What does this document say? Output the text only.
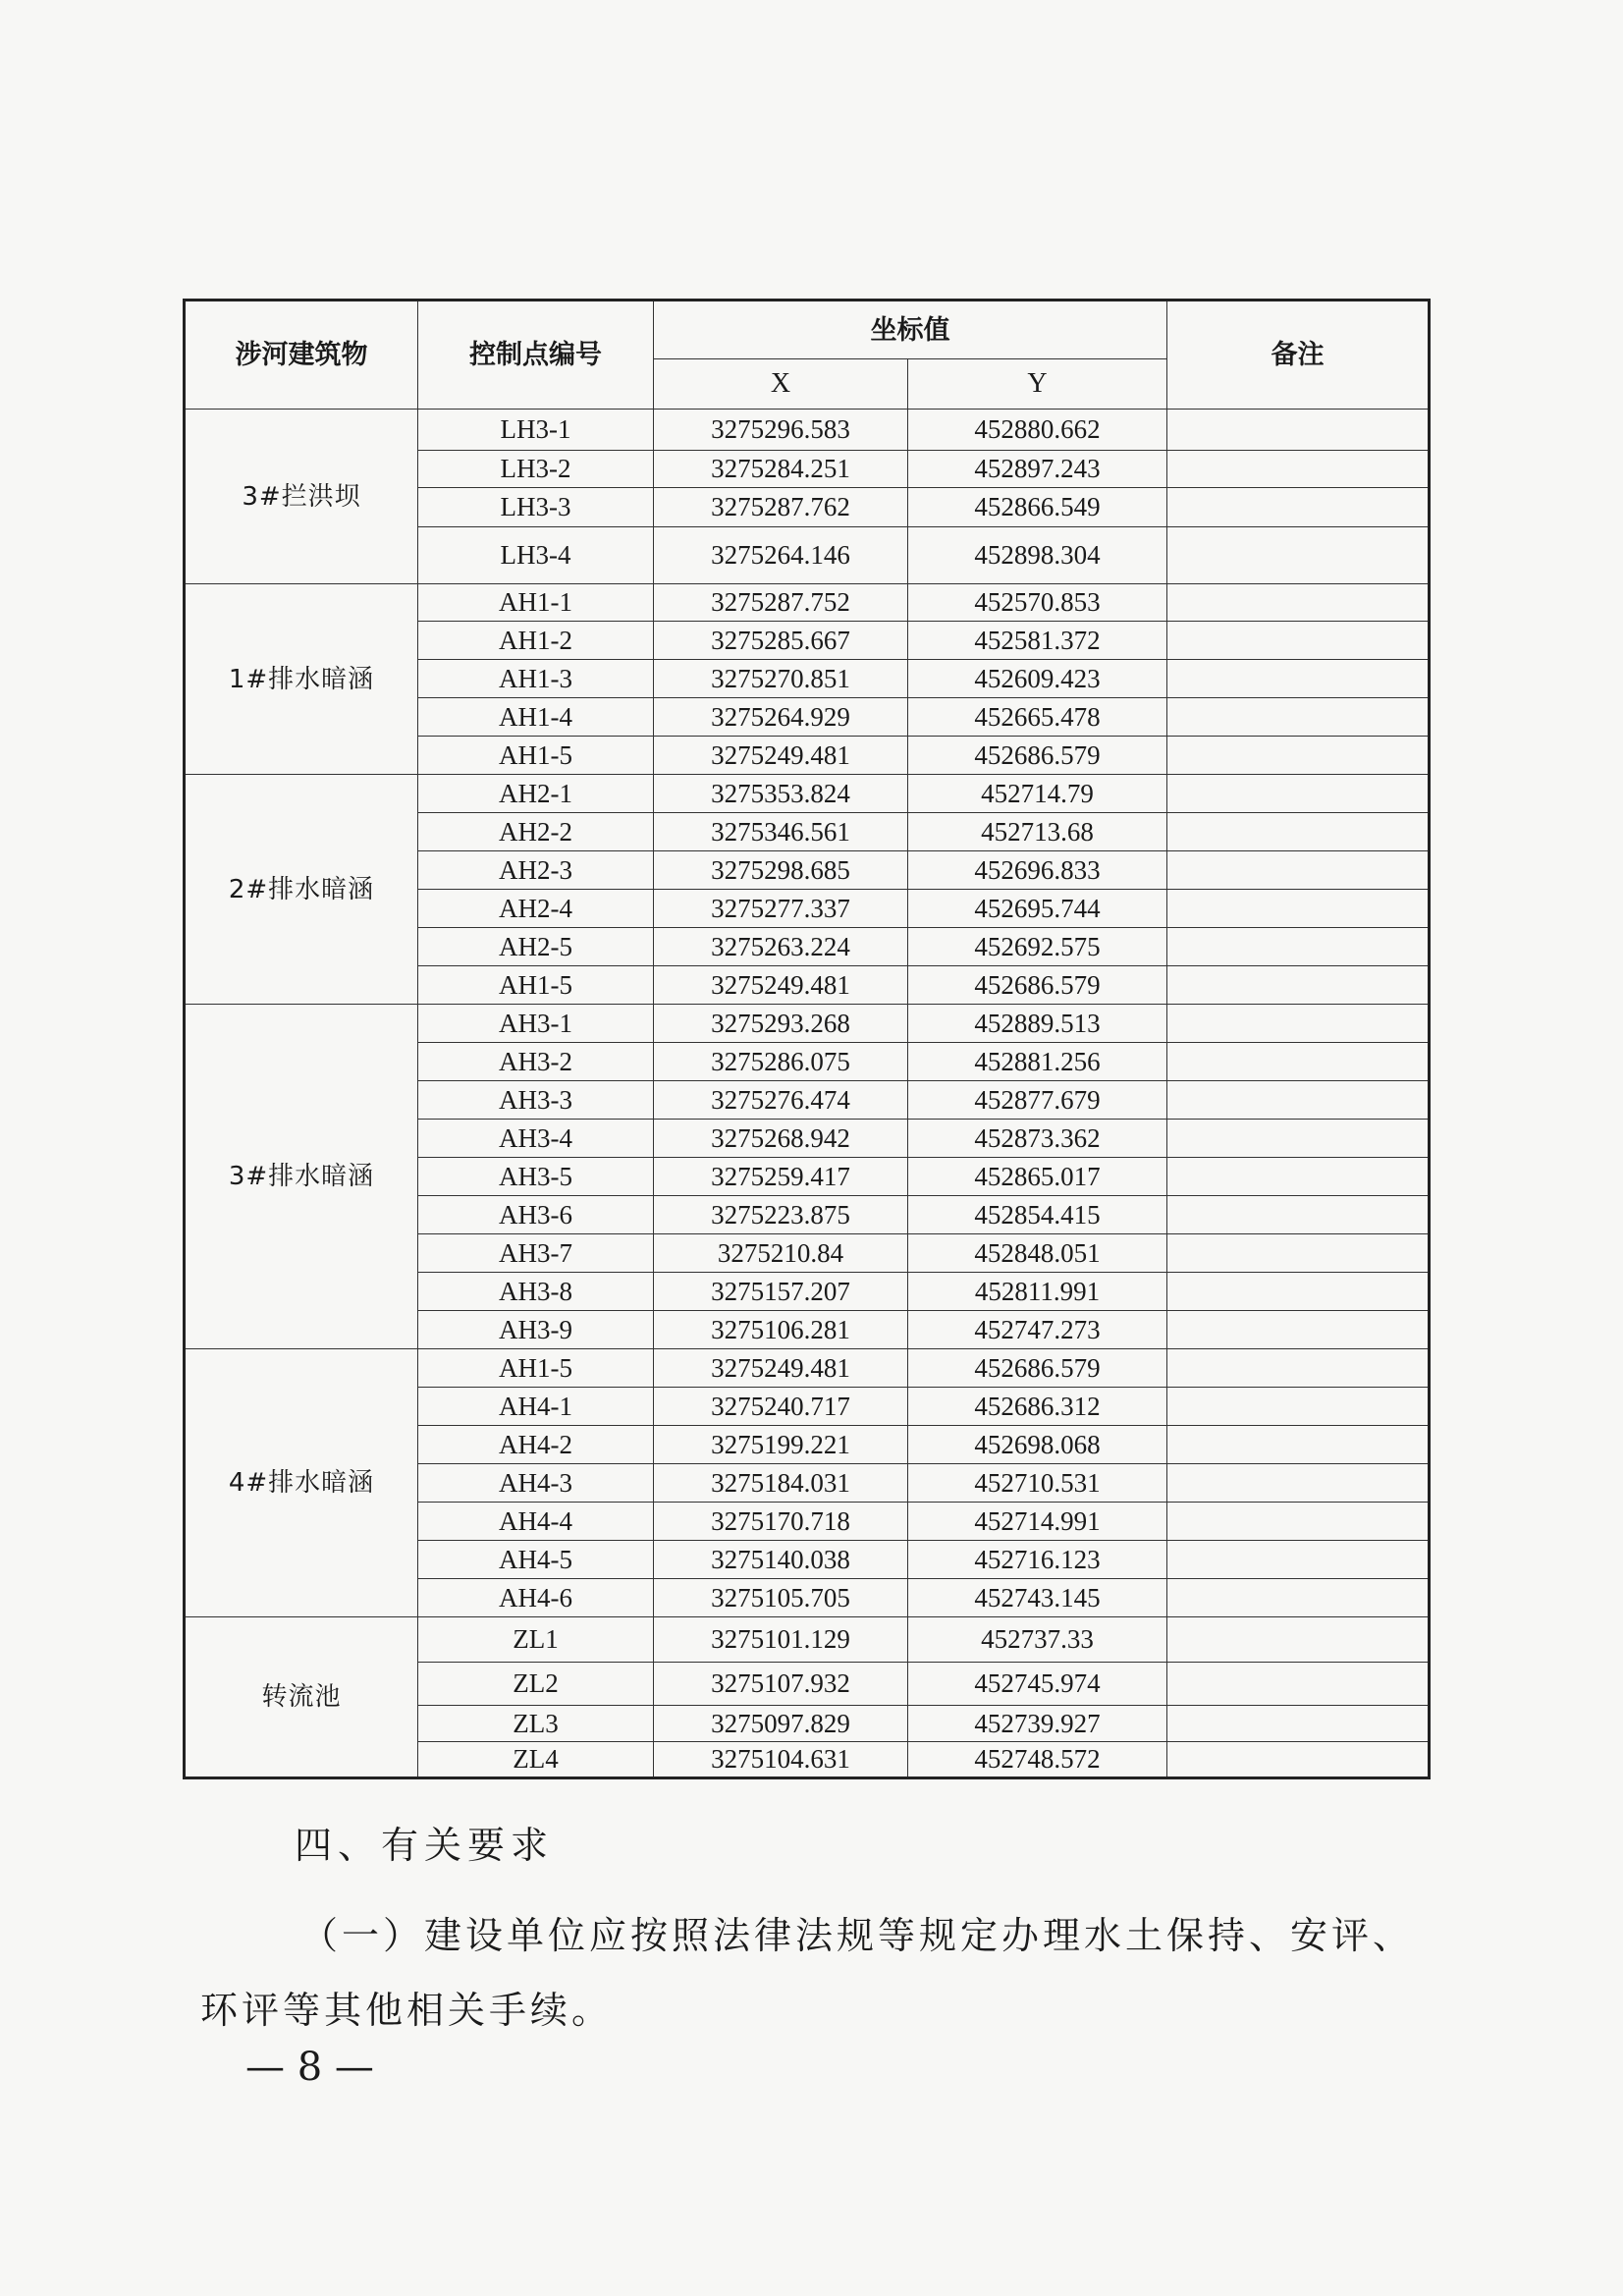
涉河建筑物	控制点编号	坐标值		备注
		X	Y	
3#拦洪坝	LH3-1	3275296.583	452880.662	
	LH3-2	3275284.251	452897.243	
	LH3-3	3275287.762	452866.549	
	LH3-4	3275264.146	452898.304	
1#排水暗涵	AH1-1	3275287.752	452570.853	
	AH1-2	3275285.667	452581.372	
	AH1-3	3275270.851	452609.423	
	AH1-4	3275264.929	452665.478	
	AH1-5	3275249.481	452686.579	
2#排水暗涵	AH2-1	3275353.824	452714.79	
	AH2-2	3275346.561	452713.68	
	AH2-3	3275298.685	452696.833	
	AH2-4	3275277.337	452695.744	
	AH2-5	3275263.224	452692.575	
	AH1-5	3275249.481	452686.579	
3#排水暗涵	AH3-1	3275293.268	452889.513	
	AH3-2	3275286.075	452881.256	
	AH3-3	3275276.474	452877.679	
	AH3-4	3275268.942	452873.362	
	AH3-5	3275259.417	452865.017	
	AH3-6	3275223.875	452854.415	
	AH3-7	3275210.84	452848.051	
	AH3-8	3275157.207	452811.991	
	AH3-9	3275106.281	452747.273	
4#排水暗涵	AH1-5	3275249.481	452686.579	
	AH4-1	3275240.717	452686.312	
	AH4-2	3275199.221	452698.068	
	AH4-3	3275184.031	452710.531	
	AH4-4	3275170.718	452714.991	
	AH4-5	3275140.038	452716.123	
	AH4-6	3275105.705	452743.145	
转流池	ZL1	3275101.129	452737.33	
	ZL2	3275107.932	452745.974	
	ZL3	3275097.829	452739.927	
	ZL4	3275104.631	452748.572	
四、有关要求
（一）建设单位应按照法律法规等规定办理水土保持、安评、
环评等其他相关手续。
— 8 —
